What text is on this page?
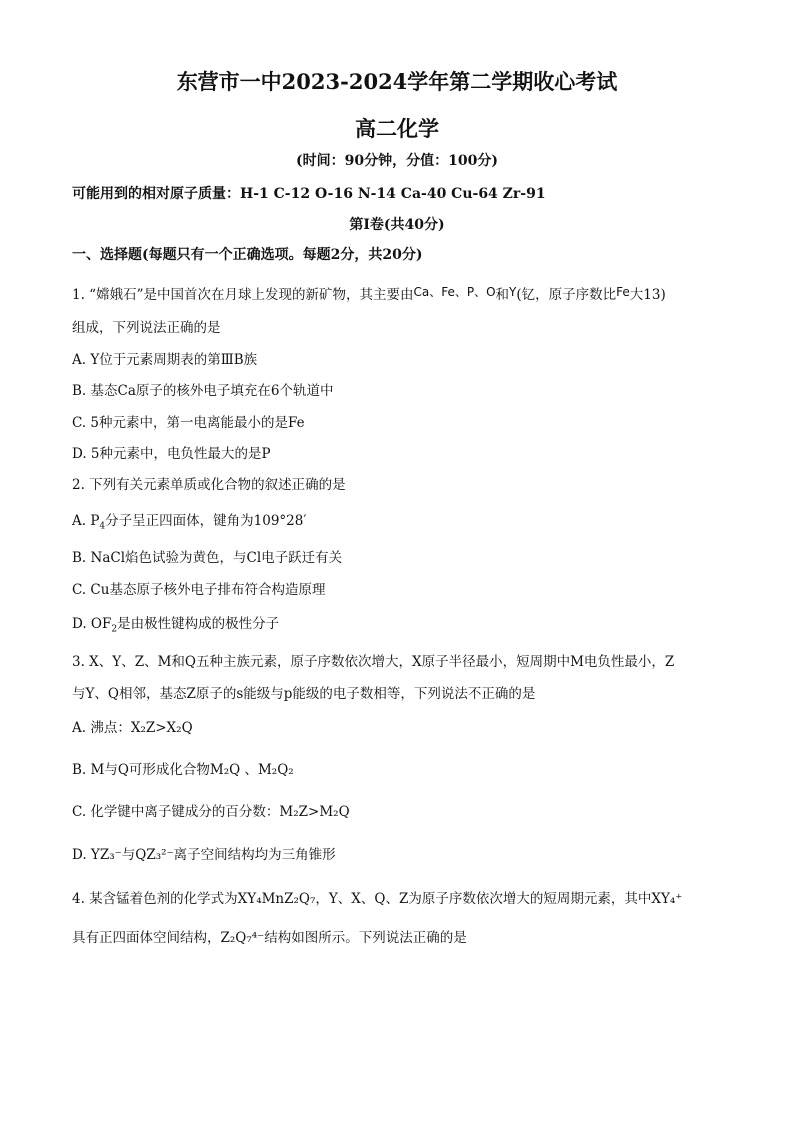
东营市一中2023-2024学年第二学期收心考试
高二化学
(时间：90分钟，分值：100分)
可能用到的相对原子质量：H-1 C-12 O-16 N-14 Ca-40 Cu-64 Zr-91
第Ⅰ卷(共40分)
一、选择题(每题只有一个正确选项。每题2分，共20分)
1. “嫦娥石”是中国首次在月球上发现的新矿物，其主要由Ca、Fe、P、O和Y(钇，原子序数比Fe大13)
组成，下列说法正确的是
A. Y位于元素周期表的第ⅢB族
B. 基态Ca原子的核外电子填充在6个轨道中
C. 5种元素中，第一电离能最小的是Fe
D. 5种元素中，电负性最大的是P
2. 下列有关元素单质或化合物的叙述正确的是
A. $P_4$分子呈正四面体，键角为109°28′
B. NaCl焰色试验为黄色，与Cl电子跃迁有关
C. Cu基态原子核外电子排布符合构造原理
D. $OF_2$是由极性键构成的极性分子
3. X、Y、Z、M和Q五种主族元素，原子序数依次增大，X原子半径最小，短周期中M电负性最小，Z
与Y、Q相邻，基态Z原子的s能级与p能级的电子数相等，下列说法不正确的是
A. 沸点：X₂Z>X₂Q
B. M与Q可形成化合物M₂Q 、M₂Q₂
C. 化学键中离子键成分的百分数：M₂Z>M₂Q
D. YZ₃⁻与QZ₃²⁻离子空间结构均为三角锥形
4. 某含锰着色剂的化学式为XY₄MnZ₂Q₇，Y、X、Q、Z为原子序数依次增大的短周期元素，其中XY₄⁺
具有正四面体空间结构，Z₂Q₇⁴⁻结构如图所示。下列说法正确的是
